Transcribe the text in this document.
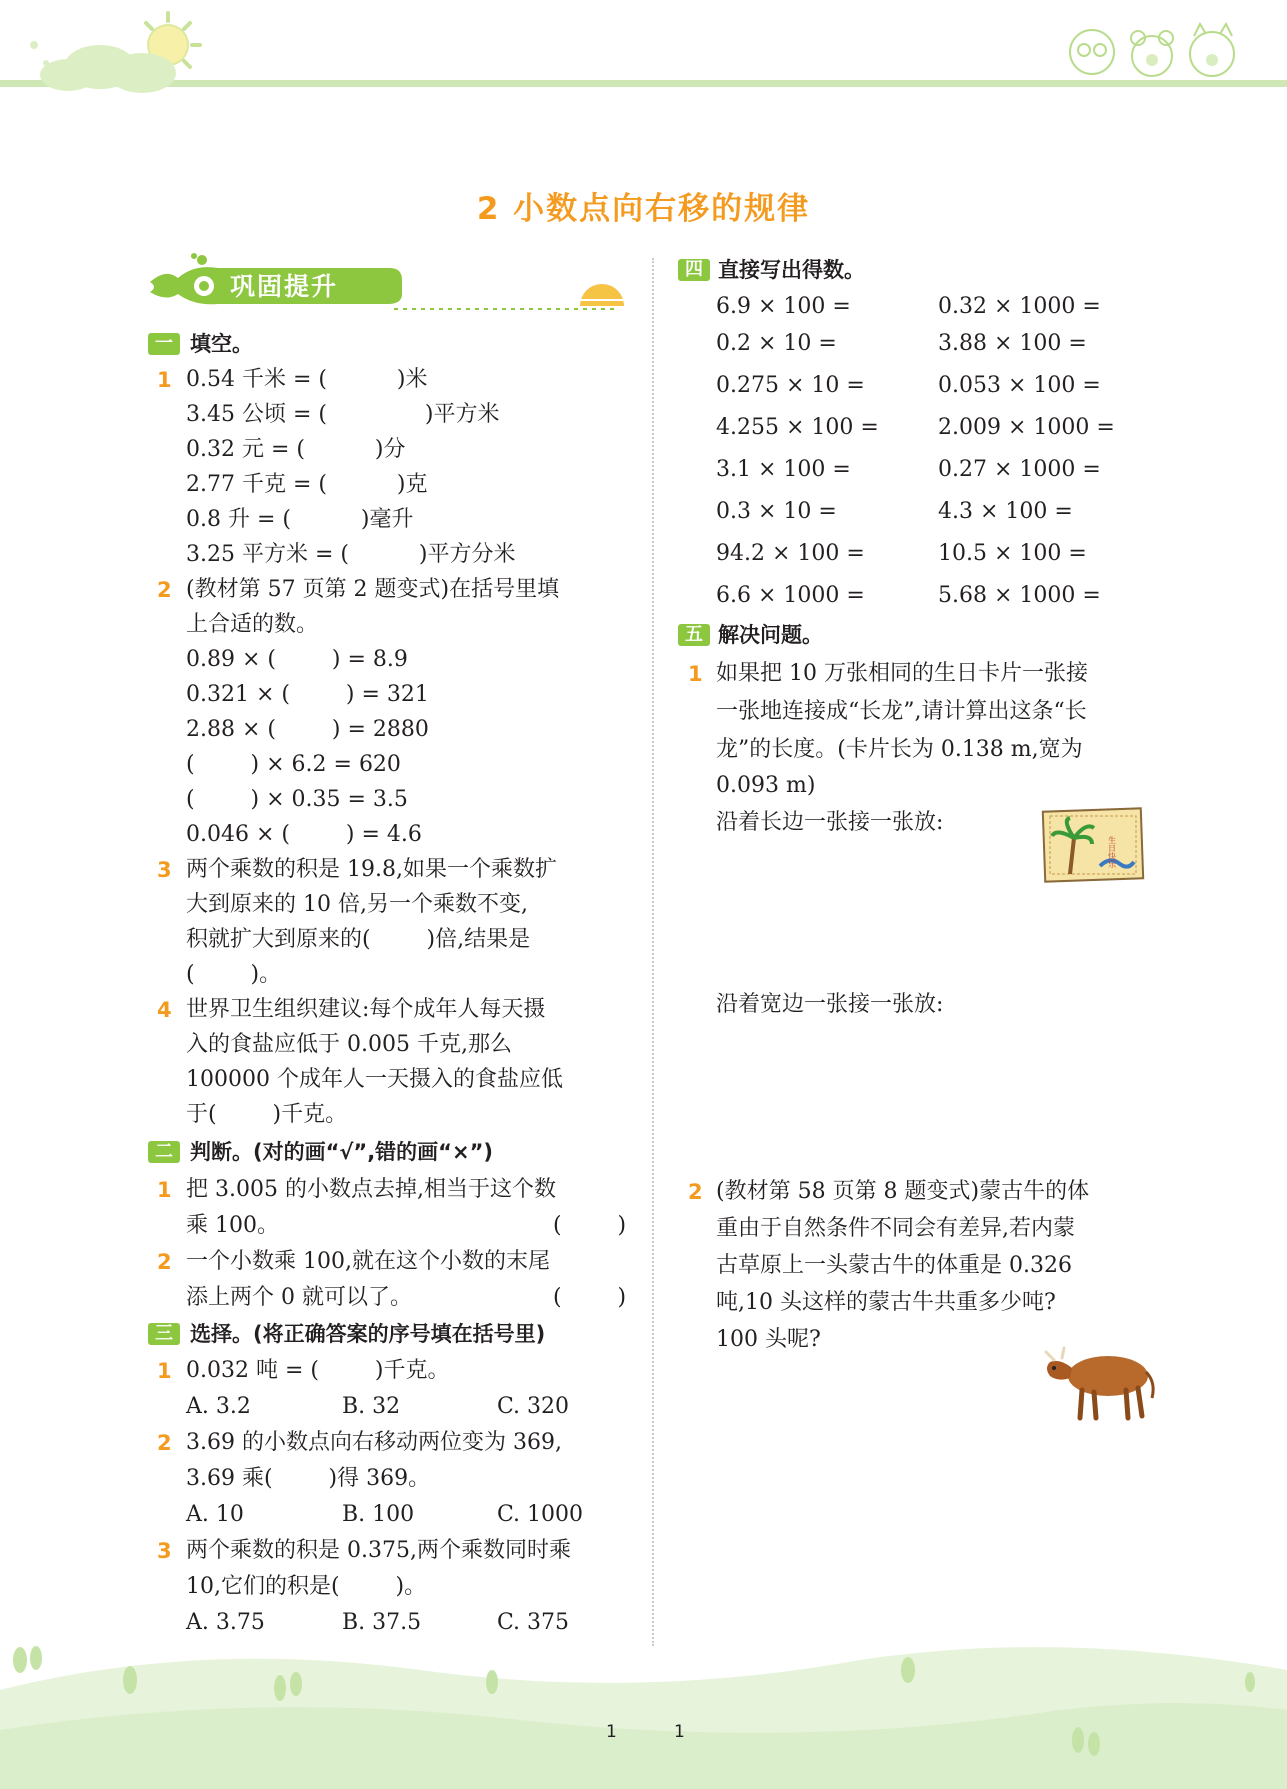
2 小数点向右移的规律
巩固提升
一 填空。
1 0.54 千米 = (          )米
3.45 公顷 = (              )平方米
0.32 元 = (          )分
2.77 千克 = (          )克
0.8 升 = (          )毫升
3.25 平方米 = (          )平方分米
2 (教材第 57 页第 2 题变式)在括号里填
上合适的数。
0.89 × (        ) = 8.9
0.321 × (        ) = 321
2.88 × (        ) = 2880
(        ) × 6.2 = 620
(        ) × 0.35 = 3.5
0.046 × (        ) = 4.6
3 两个乘数的积是 19.8,如果一个乘数扩
大到原来的 10 倍,另一个乘数不变,
积就扩大到原来的(        )倍,结果是
(        )。
4 世界卫生组织建议:每个成年人每天摄
入的食盐应低于 0.005 千克,那么
100000 个成年人一天摄入的食盐应低
于(        )千克。
二 判断。(对的画“√”,错的画“×”)
1 把 3.005 的小数点去掉,相当于这个数
乘 100。	(        )
2 一个小数乘 100,就在这个小数的末尾
添上两个 0 就可以了。	(        )
三 选择。(将正确答案的序号填在括号里)
1 0.032 吨 = (        )千克。
A. 3.2	B. 32	C. 320
2 3.69 的小数点向右移动两位变为 369,
3.69 乘(        )得 369。
A. 10	B. 100	C. 1000
3 两个乘数的积是 0.375,两个乘数同时乘
10,它们的积是(        )。
A. 3.75	B. 37.5	C. 375
四 直接写出得数。
6.9 × 100 =	0.32 × 1000 =
0.2 × 10 =	3.88 × 100 =
0.275 × 10 =	0.053 × 100 =
4.255 × 100 =	2.009 × 1000 =
3.1 × 100 =	0.27 × 1000 =
0.3 × 10 =	4.3 × 100 =
94.2 × 100 =	10.5 × 100 =
6.6 × 1000 =	5.68 × 1000 =
五 解决问题。
1 如果把 10 万张相同的生日卡片一张接
一张地连接成“长龙”,请计算出这条“长
龙”的长度。(卡片长为 0.138 m,宽为
0.093 m)
沿着长边一张接一张放:
生日快乐
沿着宽边一张接一张放:
2 (教材第 58 页第 8 题变式)蒙古牛的体
重由于自然条件不同会有差异,若内蒙
古草原上一头蒙古牛的体重是 0.326
吨,10 头这样的蒙古牛共重多少吨?
100 头呢?
1	1
